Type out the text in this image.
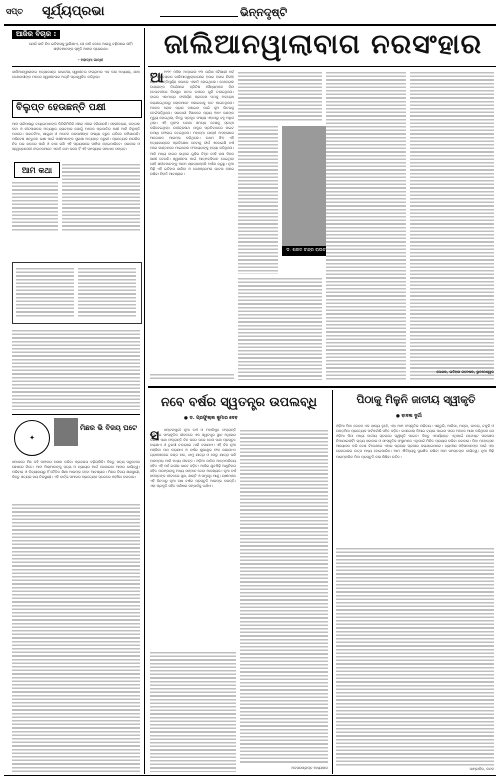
ସପ୍ତ ସୂର୍ଯ୍ୟପ୍ରଭା	ଭିନ୍ନଦୃଷ୍ଟି
ଆଜିର ବିଚାର :
ଯେଉଁ ଜାତି ନିଜ ଇତିହାସକୁ ଭୁଲିଯାଏ, ସେ ଜାତି କେବେ ଆଗକୁ ବଢ଼ିପାରେ ନାହିଁ। ଶହୀଦମାନଙ୍କ ସ୍ମୃତି ଆମର ପ୍ରେରଣା।
- ମହାତ୍ମା ଗାନ୍ଧୀ
ଜାଲିଆନୱାଲାବାଗ ହତ୍ୟାକାଣ୍ଡ ଭାରତୀୟ ସ୍ୱାଧୀନତା ସଂଗ୍ରାମର ଏକ କଳା ଅଧ୍ୟାୟ, ଯାହା ଦେଶବାସୀଙ୍କ ମନରେ ସ୍ୱାଧୀନତାର ଅଗ୍ନି ପ୍ରଜ୍ୱଳିତ କରିଥିଲା।
ବିଲୁପ୍ତ ହେଉଛନ୍ତି ପକ୍ଷୀ
ଆମ ଚାରିପାଖରୁ ଚଢ଼େଇମାନଙ୍କ କିଚିରିମିଚିରି ଧୀରେ ଧୀରେ ହଜିଯାଉଛି। ସହରୀକରଣ, ଜଙ୍ଗଲ କଟା ଓ କୀଟନାଶକର ଅତ୍ୟଧିକ ବ୍ୟବହାର ଯୋଗୁଁ ଅନେକ ପ୍ରଜାତିର ପକ୍ଷୀ ଆଜି ବିଲୁପ୍ତି ପଥରେ। ଘରଚଟିଆ, ଶାଗୁଣା ଓ ଅନେକ ଜଳପକ୍ଷୀଙ୍କ ସଂଖ୍ୟା ଦ୍ରୁତ ଗତିରେ କମିଯାଉଛି। ପରିବେଶ ସନ୍ତୁଳନ ରକ୍ଷା ପାଇଁ ପକ୍ଷୀମାନଙ୍କ ସୁରକ୍ଷା ଅତ୍ୟନ୍ତ ଜରୁରୀ। ପ୍ରତ୍ୟେକ ନାଗରିକ ନିଜ ଘର ଛାତରେ ପାଣି ଓ ଦାନା ରଖି ଏହି ପ୍ରୟାସରେ ସାମିଲ ହୋଇପାରିବେ। ସରକାର ଓ ସ୍ୱେଚ୍ଛାସେବୀ ସଂଗଠନମାନେ ଏକାଠି କାମ କଲେ ହିଁ ଏହି ସମସ୍ୟାର ସମାଧାନ ସମ୍ଭବ।
ଆମ କଥା
✦
ମିଛର ଭି ବିଜୟ ଘଟେ
ସମାଜରେ ମିଛ କହି ସଫଳତା ହାସଲ କରିବା ପ୍ରବଣତା ବଢ଼ିଚାଲିଛି। କିନ୍ତୁ ସତ୍ୟ ସବୁବେଳେ ଶେଷରେ ଜିତେ। ଆମ ପିଲାମାନଙ୍କୁ ସତ୍ୟ ଓ ନ୍ୟାୟର ମାର୍ଗ ଦେଖାଇବା ଆମର ଦାୟିତ୍ୱ। ପରିବାର ଓ ବିଦ୍ୟାଳୟରୁ ହିଁ ନୈତିକ ଶିକ୍ଷା ଆରମ୍ଭ ହେବା ଆବଶ୍ୟକ। ମିଛର ବିଜୟ କ୍ଷଣସ୍ଥାୟୀ, କିନ୍ତୁ ସତ୍ୟର ଜୟ ଚିରସ୍ଥାୟୀ। ଏହି ବାର୍ତ୍ତା ସମାଜର ପ୍ରତ୍ୟେକ ସ୍ତରରେ ପହଞ୍ଚିବା ଦରକାର।
ଜାଲିଆନୱାଲାବାଗ ନରସଂହାର
ଆ ୧୯୧୯ ମସିହା ଅପ୍ରେଲ ୧୩ ତାରିଖ ବୈଶାଖୀ ପର୍ବ ଦିନ ଅମୃତସରର ଜାଲିଆନୱାଲାବାଗରେ ହଜାର ହଜାର ନିରୀହ ଲୋକ ଶାନ୍ତିପୂର୍ଣ୍ଣ ସଭାରେ ଏକାଠି ହୋଇଥିଲେ। ଜେନେରାଲ ଡାୟରଙ୍କ ନିର୍ଦ୍ଦେଶରେ ବ୍ରିଟିଶ ସୈନ୍ୟମାନେ ବିନା ଚେତାବନୀରେ ନିରସ୍ତ୍ର ଜନତା ଉପରେ ଗୁଳି ଚଳାଇଥିଲେ। ବାଗର ଏକମାତ୍ର ସଂକୀର୍ଣ୍ଣ ପ୍ରବେଶ ପଥକୁ ଅବରୋଧ କରାଯାଇଥିବାରୁ ଲୋକମାନେ ପଳାଇବାକୁ ବାଟ ପାଇନଥିଲେ। ଅନେକ ଲୋକ ପ୍ରାଣ ବଞ୍ଚାଇବା ପାଇଁ କୂଅ ଭିତରକୁ ଡେଇଁପଡ଼ିଥିଲେ। ସରକାରୀ ହିସାବରେ ପ୍ରାୟ ୩୭୯ ଜଣଙ୍କ ମୃତ୍ୟୁ ହୋଇଥିଲା, କିନ୍ତୁ ପ୍ରକୃତ ସଂଖ୍ୟା ଏହାଠାରୁ ବହୁ ଅଧିକ ଥିଲା। ଏହି ନୃଶଂସ ଘଟଣା ସମଗ୍ର ଦେଶକୁ ସ୍ତବ୍ଧ କରିଦେଇଥିଲା। ରବୀନ୍ଦ୍ରନାଥ ଠାକୁର ପ୍ରତିବାଦରେ ନାଇଟ ଉପାଧି ଫେରାଇ ଦେଇଥିଲେ। ମହାତ୍ମା ଗାନ୍ଧୀ ଅସହଯୋଗ ଆନ୍ଦୋଳନ ଆରମ୍ଭ କରିଥିଲେ। ଉଧମ ସିଂହ ଏହି ହତ୍ୟାକାଣ୍ଡର ପ୍ରତିଶୋଧ ନେବାକୁ ଦୀର୍ଘ ଏକୋଇଶି ବର୍ଷ ପରେ ଲଣ୍ଡନରେ ମାଇକେଲ ଓ'ଡାୟରଙ୍କୁ ହତ୍ୟା କରିଥିଲେ। ଆଜି ମଧ୍ୟ ବାଗର କାନ୍ଥରେ ଗୁଳିର ଚିହ୍ନ ସେହି କଳା ଦିନର ସାକ୍ଷୀ ଦେଉଛି। ସ୍ୱାଧୀନତା ପାଇଁ ଆତ୍ମବଳିଦାନ ଦେଇଥିବା ସେହି ଶହୀଦମାନଙ୍କୁ ଆମେ ଶ୍ରଦ୍ଧାଞ୍ଜଳି ଅର୍ପଣ କରୁଛୁ। ନୂଆ ପିଢ଼ି ଏହି ଇତିହାସ ଜାଣିବା ଓ ଦେଶପ୍ରେମର ଭାବନା ବଞ୍ଚାଇ ରଖିବା ନିହାତି ଆବଶ୍ୟକ।
ଡ. ଶରତ ଚନ୍ଦ୍ର ରାଉତ
ଲେଖକ, ଇତିହାସ ଗବେଷକ, ଭୁବନେଶ୍ୱର
ନବେ ବର୍ଷର ସ୍ୱତନ୍ତ୍ର ଉପଲବ୍ଧି
● ଡ. ପ୍ରଫୁଲ୍ଲ କୁମାର ଦେବ
ସ	ସମ୍ବଲପୁରୀ ନୂଆ ବର୍ଷ ଓ ମହାବିଷୁବ ସଂକ୍ରାନ୍ତି ଓଡ଼ିଶାର ସାଂସ୍କୃତିକ ଜୀବନରେ ଏକ ସ୍ୱତନ୍ତ୍ର ସ୍ଥାନ ଅଧିକାର କରିଛି। ପଣା ସଂକ୍ରାନ୍ତି ଦିନ ଘରେ ଘରେ ବେଲ ପଣା ପ୍ରସ୍ତୁତ କରାଯାଏ ଓ ତୁଳସୀ ଚଉରାରେ ଥାଳି ବସାଯାଏ। ଏହି ଦିନ ନୂଆ ପଞ୍ଜିକା ପାଠ କରାଯାଏ ଓ ବର୍ଷର ଶୁଭାଶୁଭ ଫଳ ଜଣାଯାଏ। ଗ୍ରାମାଞ୍ଚଳରେ ଦଣ୍ଡ ନାଚ, ଝାମୁ ଯାତ୍ରା ଓ ମେରୁ ଯାତ୍ରା ଭଳି ପରମ୍ପରା ଆଜି ମଧ୍ୟ ଜୀବନ୍ତ। ଓଡ଼ିଆ ଜାତିର ଆତ୍ମପରିଚୟ ସହିତ ଏହି ପର୍ବ ଗଭୀର ଭାବେ ଜଡ଼ିତ। ଆଜିର ଯୁବପିଢ଼ି ଆଧୁନିକତା ସହିତ ପରମ୍ପରାକୁ ମଧ୍ୟ ସମ୍ମାନ ଦେବା ଆବଶ୍ୟକ। ନୂଆ ବର୍ଷ ସମସ୍ତଙ୍କ ଜୀବନରେ ସୁଖ, ଶାନ୍ତି ଓ ସମୃଦ୍ଧି ଆଣୁ। ଚାଷୀମାନେ ଏହି ଦିନଠାରୁ ନୂଆ ଚାଷ ବର୍ଷର ପ୍ରସ୍ତୁତି ଆରମ୍ଭ କରନ୍ତି। ଏହା ପ୍ରକୃତି ସହିତ ମଣିଷର ସମ୍ପର୍କକୁ ଦର୍ଶାଏ।
ଅବସରପ୍ରାପ୍ତ ଅଧ୍ୟାପକ
ପିଠାକୁ ମିଳୁନି ଜାତୀୟ ସ୍ୱୀକୃତି
● ବାଦଲ ଦୁର୍ଗା
ଓଡ଼ିଆ ପିଠା କେବଳ ଏକ ଖାଦ୍ୟ ନୁହେଁ, ଏହା ଆମ ସଂସ୍କୃତିର ପରିଚୟ। ଏଣ୍ଡୁରି, ଆରିସା, ମଣ୍ଡା, କାକରା, ଚକୁଳି ଓ ପୋଡ଼ପିଠା ପ୍ରତ୍ୟେକ ପର୍ବପର୍ବାଣି ସହିତ ଜଡ଼ିତ। ରସଗୋଲା ଜିଆଇ ଟ୍ୟାଗ ପାଇବା ପରେ ଅନେକ ଆଶା କରିଥିଲେ ଯେ ଓଡ଼ିଆ ପିଠା ମଧ୍ୟ ଜାତୀୟ ସ୍ତରରେ ସ୍ୱୀକୃତି ପାଇବ। କିନ୍ତୁ ଏପର୍ଯ୍ୟନ୍ତ ଏଥିପାଇଁ ଯଥେଷ୍ଟ ପଦକ୍ଷେପ ନିଆଯାଇନାହିଁ। ରାଜ୍ୟ ସରକାର ଓ ସାଂସ୍କୃତିକ ସଂସ୍ଥାମାନେ ଏଥିପାଇଁ ମିଳିତ ପ୍ରୟାସ କରିବା ଦରକାର। ପିଠା ମହୋତ୍ସବ ଆୟୋଜନ କରି ଦେଶ ବିଦେଶରେ ଏହାର ପ୍ରଚାର ପ୍ରସାର କରାଯାଇପାରେ। ଗ୍ରାମୀଣ ମହିଳାମାନଙ୍କ ପାଇଁ ଏହା ରୋଜଗାରର ଉତ୍ସ ମଧ୍ୟ ହୋଇପାରିବ। ଆମ ଐତିହ୍ୟକୁ ସୁରକ୍ଷିତ ରଖିବା ଆମ ସମସ୍ତଙ୍କ ଦାୟିତ୍ୱ। ନୂଆ ପିଢ଼ି ପାରମ୍ପରିକ ପିଠା ପ୍ରସ୍ତୁତି କଳା ଶିଖିବା ଉଚିତ।
ସାମ୍ବାଦିକ, କଟକ
